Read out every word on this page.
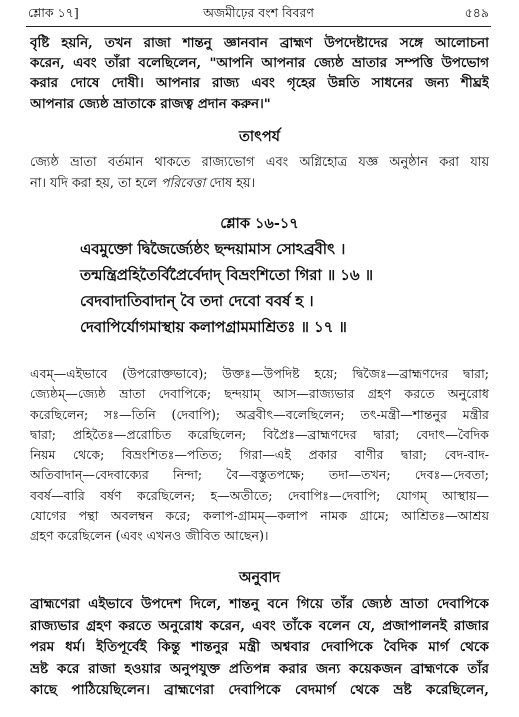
শ্লোক ১৭]	অজমীঢ়ের বংশ বিবরণ	৫৪৯
বৃষ্টি হয়নি, তখন রাজা শান্তনু জ্ঞানবান ব্রাহ্মণ উপদেষ্টাদের সঙ্গে আলোচনা
করেন, এবং তাঁরা বলেছিলেন, "আপনি আপনার জ্যেষ্ঠ ভ্রাতার সম্পত্তি উপভোগ
করার দোষে দোষী। আপনার রাজ্য এবং গৃহের উন্নতি সাধনের জন্য শীঘ্রই
আপনার জ্যেষ্ঠ ভ্রাতাকে রাজত্ব প্রদান করুন।"
তাৎপর্য
জ্যেষ্ঠ ভ্রাতা বর্তমান থাকতে রাজ্যভোগ এবং অগ্নিহোত্র যজ্ঞ অনুষ্ঠান করা যায়
না। যদি করা হয়, তা হলে পরিবেত্তা দোষ হয়।
শ্লোক ১৬-১৭
এবমুক্তো দ্বিজৈর্জ্যেষ্ঠং ছন্দয়ামাস সোঽব্রবীৎ ।
তন্মন্ত্রিপ্রহিতৈর্বিপ্রৈর্বেদাদ্‌ বিভ্রংশিতো গিরা ॥ ১৬ ॥
বেদবাদাতিবাদান্‌ বৈ তদা দেবো ববর্ষ হ ।
দেবাপির্যোগমাস্থায় কলাপগ্রামমাশ্রিতঃ ॥ ১৭ ॥
এবম্‌—এইভাবে (উপরোক্তভাবে); উক্তঃ—উপদিষ্ট হয়ে; দ্বিজৈঃ—ব্রাহ্মণদের দ্বারা;
জ্যেষ্ঠম্‌—জ্যেষ্ঠ ভ্রাতা দেবাপিকে; ছন্দয়াম্‌ আস—রাজ্যভার গ্রহণ করতে অনুরোধ
করেছিলেন; সঃ—তিনি (দেবাপি); অব্রবীৎ—বলেছিলেন; তৎ-মন্ত্রী—শান্তনুর মন্ত্রীর
দ্বারা; প্রহিতৈঃ—প্ররোচিত করেছিলেন; বিপ্রৈঃ—ব্রাহ্মণদের দ্বারা; বেদাৎ—বৈদিক
নিয়ম থেকে; বিভ্রংশিতঃ—পতিত; গিরা—এই প্রকার বাণীর দ্বারা; বেদ-বাদ-
অতিবাদান্‌—বেদবাক্যের নিন্দা; বৈ—বস্তুতপক্ষে; তদা—তখন; দেবঃ—দেবতা;
ববর্ষ—বারি বর্ষণ করেছিলেন; হ—অতীতে; দেবাপিঃ—দেবাপি; যোগম্‌ আস্থায়—
যোগের পন্থা অবলম্বন করে; কলাপ-গ্রামম্‌—কলাপ নামক গ্রামে; আশ্রিতঃ—আশ্রয়
গ্রহণ করেছিলেন (এবং এখনও জীবিত আছেন)।
অনুবাদ
ব্রাহ্মণেরা এইভাবে উপদেশ দিলে, শান্তনু বনে গিয়ে তাঁর জ্যেষ্ঠ ভ্রাতা দেবাপিকে
রাজ্যভার গ্রহণ করতে অনুরোধ করেন, এবং তাঁকে বলেন যে, প্রজাপালনই রাজার
পরম ধর্ম। ইতিপূর্বেই কিন্তু শান্তনুর মন্ত্রী অশ্ববার দেবাপিকে বৈদিক মার্গ থেকে
ভ্রষ্ট করে রাজা হওয়ার অনুপযুক্ত প্রতিপন্ন করার জন্য কয়েকজন ব্রাহ্মণকে তাঁর
কাছে পাঠিয়েছিলেন। ব্রাহ্মণেরা দেবাপিকে বেদমার্গ থেকে ভ্রষ্ট করেছিলেন,
